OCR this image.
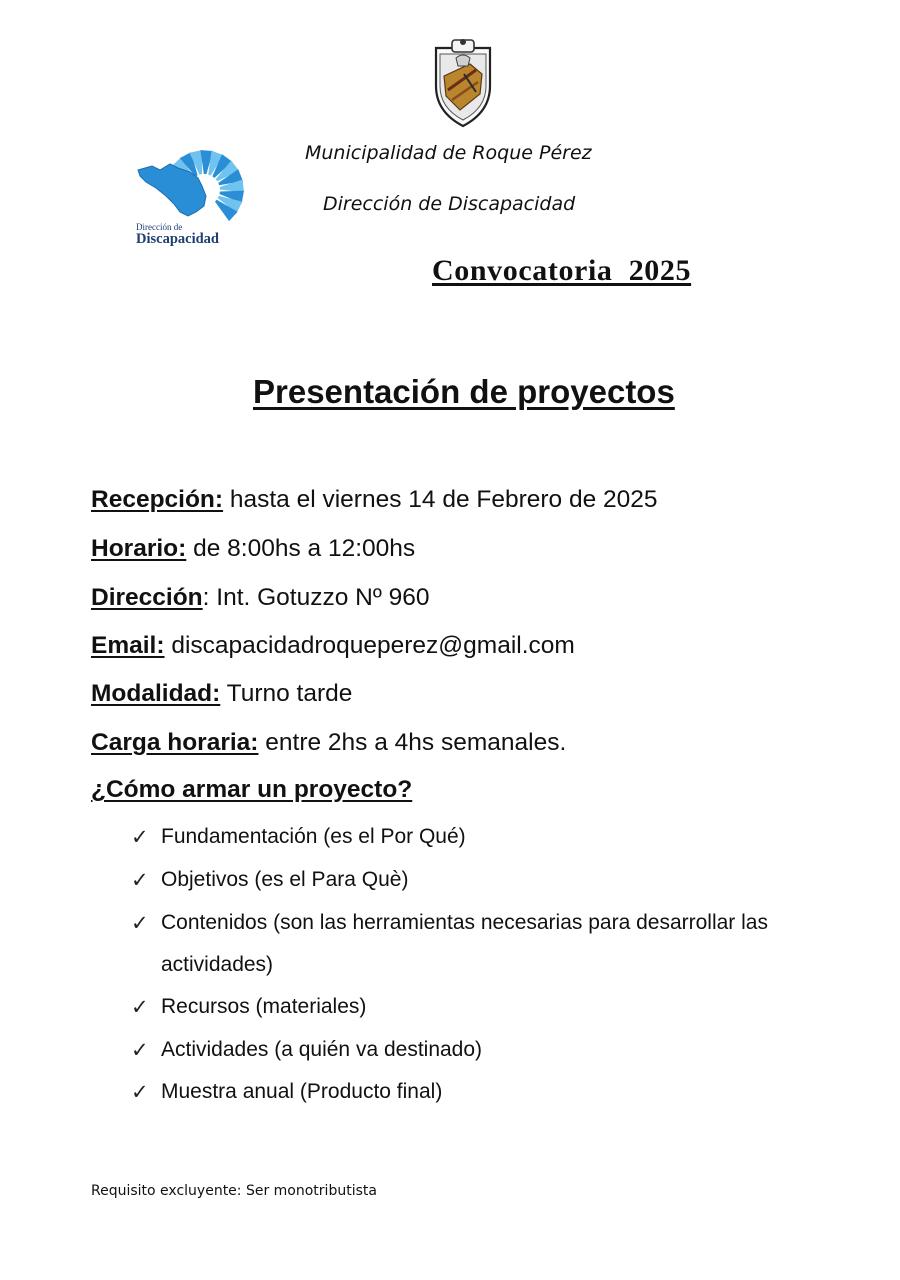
Dirección de
Discapacidad
Municipalidad de Roque Pérez
Dirección de Discapacidad
Convocatoria  2025
Presentación de proyectos
Recepción: hasta el viernes 14 de Febrero de 2025
Horario: de 8:00hs a 12:00hs
Dirección: Int. Gotuzzo Nº 960
Email: discapacidadroqueperez@gmail.com
Modalidad: Turno tarde
Carga horaria: entre 2hs a 4hs semanales.
¿Cómo armar un proyecto?
✓ Fundamentación (es el Por Qué)
✓ Objetivos (es el Para Què)
✓ Contenidos (son las herramientas necesarias para desarrollar las actividades)
✓ Recursos (materiales)
✓ Actividades (a quién va destinado)
✓ Muestra anual (Producto final)
Requisito excluyente: Ser monotributista
